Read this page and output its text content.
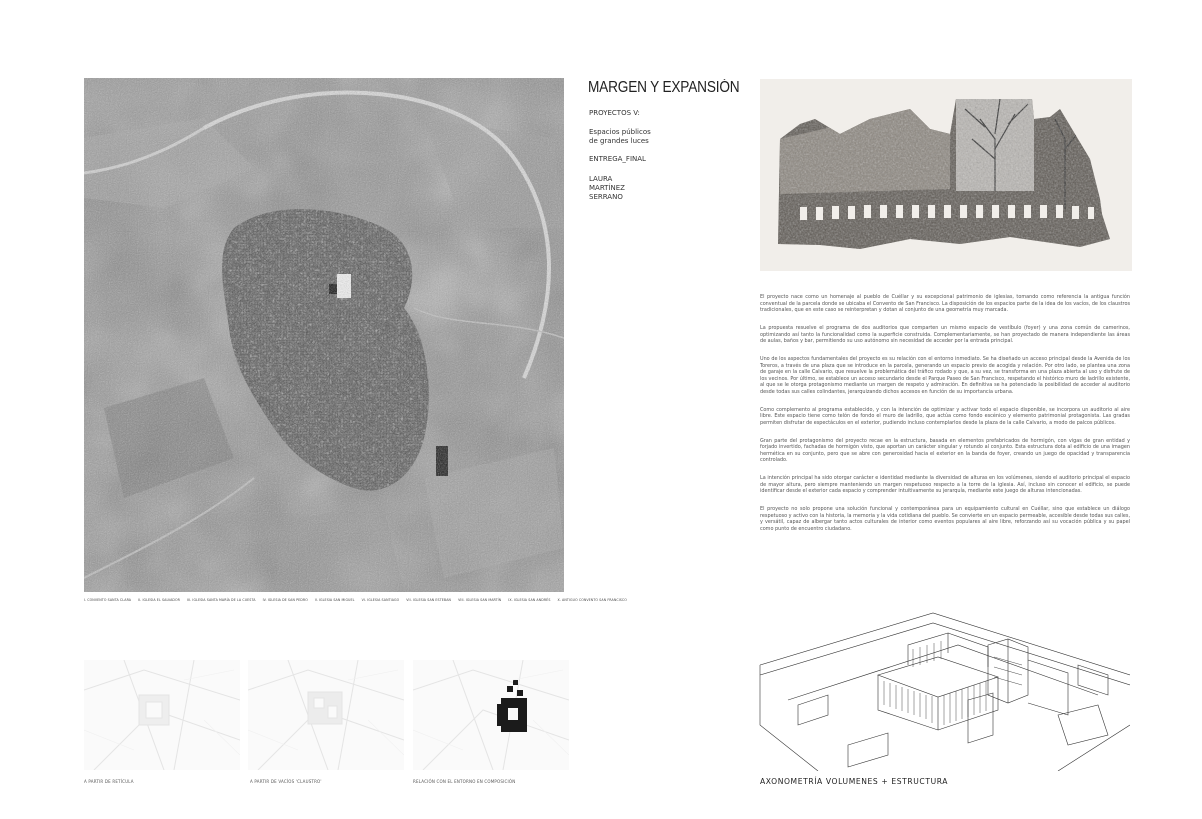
I. CONVENTO SANTA CLARA II. IGLESIA EL SALVADOR III. IGLESIA SANTA MARÍA DE LA CUESTA IV. IGLESIA DE SAN PEDRO V. IGLESIA SAN MIGUEL VI. IGLESIA SANTIAGO VII. IGLESIA SAN ESTEBAN VIII. IGLESIA SAN MARTÍN IX. IGLESIA SAN ANDRÉS X. ANTIGUO CONVENTO SAN FRANCISCO
A PARTIR DE RETÍCULA	A PARTIR DE VACÍOS 'CLAUSTRO'	RELACIÓN CON EL ENTORNO EN COMPOSICIÓN
MARGEN Y EXPANSIÓN
PROYECTOS V:
Espacios públicos
de grandes luces
ENTREGA_FINAL
LAURA
MARTÍNEZ
SERRANO

El proyecto nace como un homenaje al pueblo de Cuéllar y su excepcional patrimonio de iglesias, tomando como referencia la antigua función conventual de la parcela donde se ubicaba el Convento de San Francisco. La disposición de los espacios parte de la idea de los vacíos, de los claustros tradicionales, que en este caso se reinterpretan y dotan al conjunto de una geometría muy marcada.

La propuesta resuelve el programa de dos auditorios que comparten un mismo espacio de vestíbulo (foyer) y una zona común de camerinos, optimizando así tanto la funcionalidad como la superficie construida. Complementariamente, se han proyectado de manera independiente las áreas de aulas, baños y bar, permitiendo su uso autónomo sin necesidad de acceder por la entrada principal.

Uno de los aspectos fundamentales del proyecto es su relación con el entorno inmediato. Se ha diseñado un acceso principal desde la Avenida de los Toreros, a través de una plaza que se introduce en la parcela, generando un espacio previo de acogida y relación. Por otro lado, se plantea una zona de garaje en la calle Calvario, que resuelve la problemática del tráfico rodado y que, a su vez, se transforma en una plaza abierta al uso y disfrute de los vecinos. Por último, se establece un acceso secundario desde el Parque Paseo de San Francisco, respetando el histórico muro de ladrillo existente, al que se le otorga protagonismo mediante un margen de respeto y admiración. En definitiva se ha potenciado la posibilidad de acceder al auditorio desde todas sus calles colindantes, jerarquizando dichos accesos en función de su importancia urbana.

Como complemento al programa establecido, y con la intención de optimizar y activar todo el espacio disponible, se incorpora un auditorio al aire libre. Este espacio tiene como telón de fondo el muro de ladrillo, que actúa como fondo escénico y elemento patrimonial protagonista. Las gradas permiten disfrutar de espectáculos en el exterior, pudiendo incluso contemplarlos desde la plaza de la calle Calvario, a modo de palcos públicos.

Gran parte del protagonismo del proyecto recae en la estructura, basada en elementos prefabricados de hormigón, con vigas de gran entidad y forjado invertido, fachadas de hormigón visto, que aportan un carácter singular y rotundo al conjunto. Esta estructura dota al edificio de una imagen hermética en su conjunto, pero que se abre con generosidad hacia el exterior en la banda de foyer, creando un juego de opacidad y transparencia controlado.

La intención principal ha sido otorgar carácter e identidad mediante la diversidad de alturas en los volúmenes, siendo el auditorio principal el espacio de mayor altura, pero siempre manteniendo un margen respetuoso respecto a la torre de la iglesia. Así, incluso sin conocer el edificio, se puede identificar desde el exterior cada espacio y comprender intuitivamente su jerarquía, mediante este juego de alturas intencionadas.

El proyecto no solo propone una solución funcional y contemporánea para un equipamiento cultural en Cuéllar, sino que establece un diálogo respetuoso y activo con la historia, la memoria y la vida cotidiana del pueblo. Se convierte en un espacio permeable, accesible desde todas sus calles, y versátil, capaz de albergar tanto actos culturales de interior como eventos populares al aire libre, reforzando así su vocación pública y su papel como punto de encuentro ciudadano.

AXONOMETRÍA VOLUMENES + ESTRUCTURA
